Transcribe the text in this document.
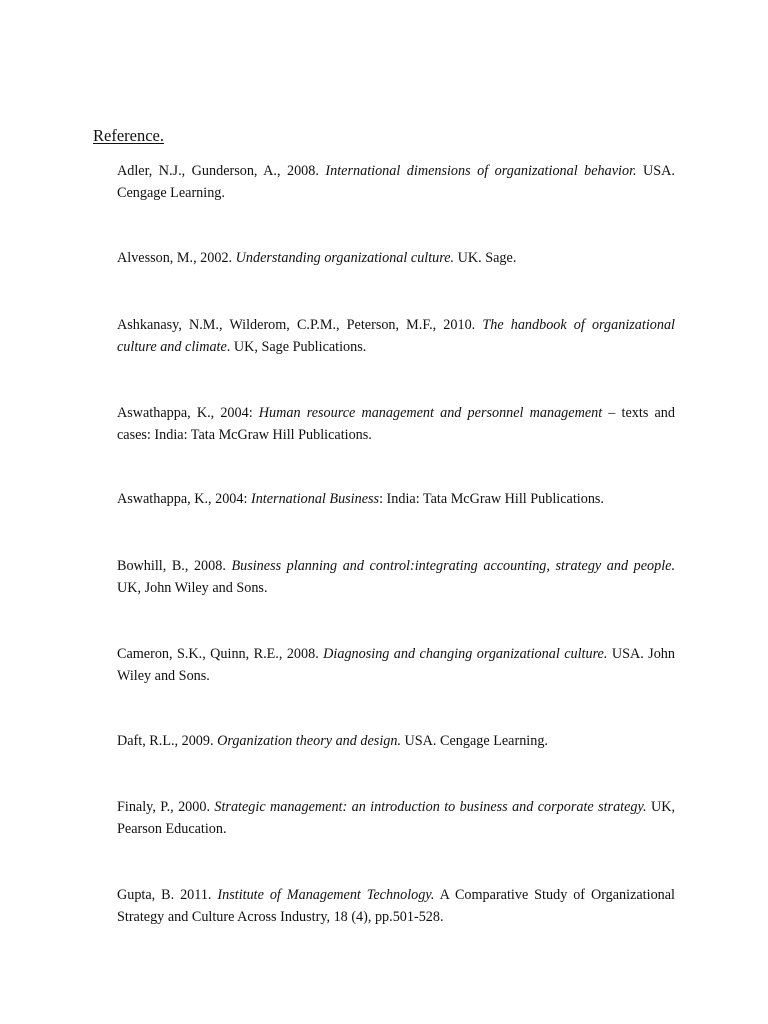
Reference.
Adler, N.J., Gunderson, A., 2008. International dimensions of organizational behavior. USA. Cengage Learning.
Alvesson, M., 2002. Understanding organizational culture. UK. Sage.
Ashkanasy, N.M., Wilderom, C.P.M., Peterson, M.F., 2010. The handbook of organizational culture and climate. UK, Sage Publications.
Aswathappa, K., 2004: Human resource management and personnel management – texts and cases: India: Tata McGraw Hill Publications.
Aswathappa, K., 2004: International Business: India: Tata McGraw Hill Publications.
Bowhill, B., 2008. Business planning and control:integrating accounting, strategy and people. UK, John Wiley and Sons.
Cameron, S.K., Quinn, R.E., 2008. Diagnosing and changing organizational culture. USA. John Wiley and Sons.
Daft, R.L., 2009. Organization theory and design. USA. Cengage Learning.
Finaly, P., 2000. Strategic management: an introduction to business and corporate strategy. UK, Pearson Education.
Gupta, B. 2011. Institute of Management Technology. A Comparative Study of Organizational Strategy and Culture Across Industry, 18 (4), pp.501-528.
